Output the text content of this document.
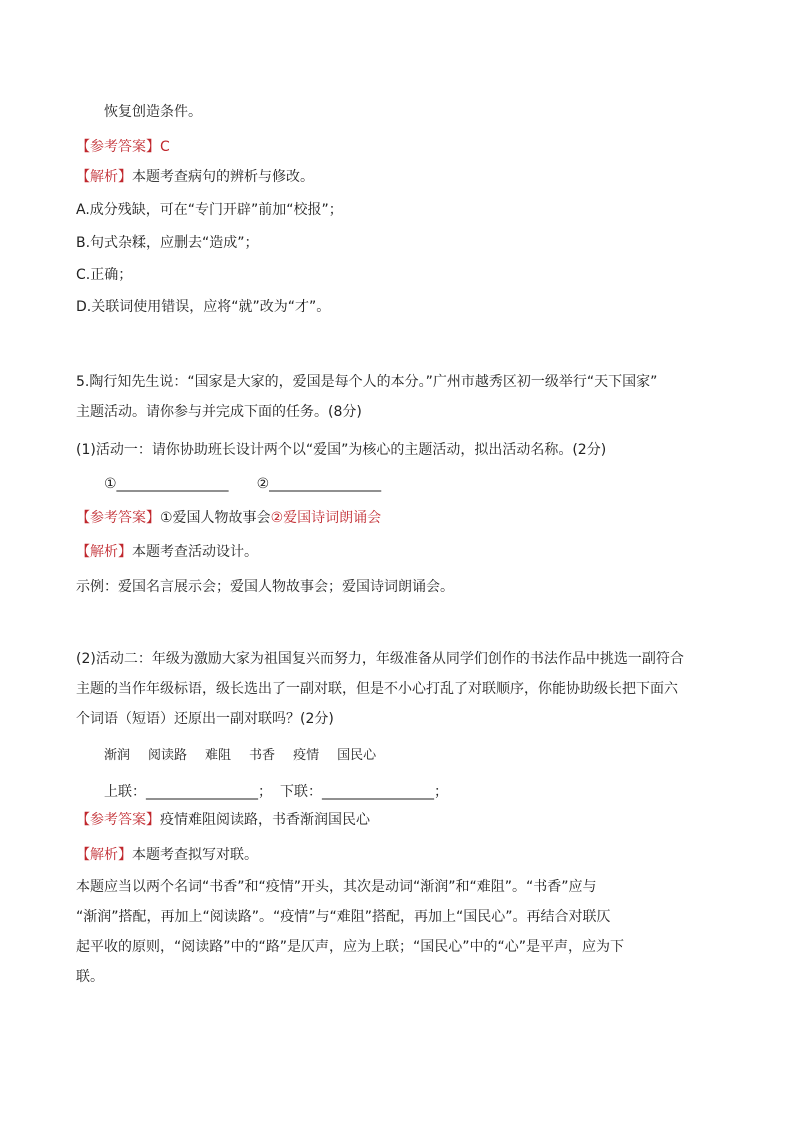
恢复创造条件。
【参考答案】C
【解析】本题考查病句的辨析与修改。
A.成分残缺，可在“专门开辟”前加“校报”；
B.句式杂糅，应删去“造成”；
C.正确；
D.关联词使用错误，应将“就”改为“才”。
5.陶行知先生说：“国家是大家的，爱国是每个人的本分。”广州市越秀区初一级举行“天下国家”
主题活动。请你参与并完成下面的任务。(8分)
(1)活动一：请你协助班长设计两个以“爱国”为核心的主题活动，拟出活动名称。(2分)
①________________ ②________________
【参考答案】①爱国人物故事会②爱国诗词朗诵会
【解析】本题考查活动设计。
示例：爱国名言展示会；爱国人物故事会；爱国诗词朗诵会。
(2)活动二：年级为激励大家为祖国复兴而努力，年级准备从同学们创作的书法作品中挑选一副符合
主题的当作年级标语，级长选出了一副对联，但是不小心打乱了对联顺序，你能协助级长把下面六
个词语（短语）还原出一副对联吗？(2分)
渐润 阅读路 难阻 书香 疫情 国民心
上联：________________； 下联：________________；
【参考答案】疫情难阻阅读路，书香渐润国民心
【解析】本题考查拟写对联。
本题应当以两个名词“书香”和“疫情”开头，其次是动词“渐润”和“难阻”。“书香”应与
“渐润”搭配，再加上“阅读路”。“疫情”与“难阻”搭配，再加上“国民心”。再结合对联仄
起平收的原则，“阅读路”中的“路”是仄声，应为上联；“国民心”中的“心”是平声，应为下
联。
